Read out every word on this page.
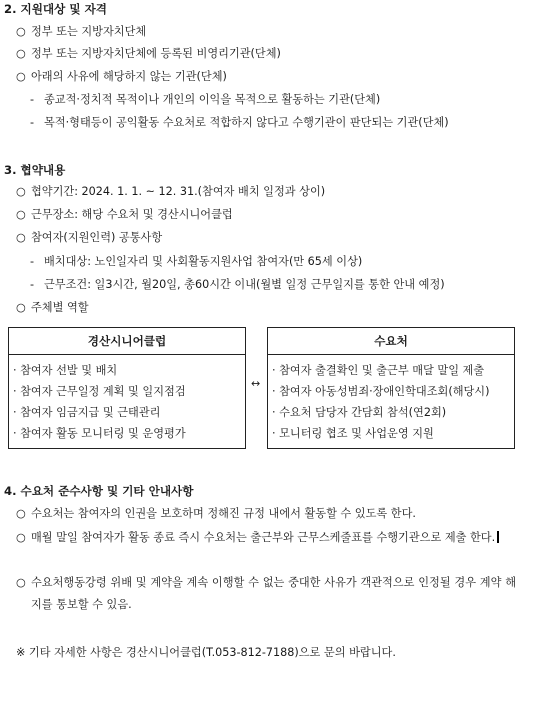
2. 지원대상 및 자격
○ 정부 또는 지방자치단체
○ 정부 또는 지방자치단체에 등록된 비영리기관(단체)
○ 아래의 사유에 해당하지 않는 기관(단체)
- 종교적·정치적 목적이나 개인의 이익을 목적으로 활동하는 기관(단체)
- 목적·형태등이 공익활동 수요처로 적합하지 않다고 수행기관이 판단되는 기관(단체)
3. 협약내용
○ 협약기간: 2024. 1. 1. ~ 12. 31.(참여자 배치 일정과 상이)
○ 근무장소: 해당 수요처 및 경산시니어클럽
○ 참여자(지원인력) 공통사항
- 배치대상: 노인일자리 및 사회활동지원사업 참여자(만 65세 이상)
- 근무조건: 일3시간, 월20일, 총60시간 이내(월별 일정 근무일지를 통한 안내 예정)
○ 주체별 역할
경산시니어클럽
· 참여자 선발 및 배치
· 참여자 근무일정 계획 및 일지점검
· 참여자 임금지급 및 근태관리
· 참여자 활동 모니터링 및 운영평가
↔
수요처
· 참여자 출결확인 및 출근부 매달 말일 제출
· 참여자 아동성범죄·장애인학대조회(해당시)
· 수요처 담당자 간담회 참석(연2회)
· 모니터링 협조 및 사업운영 지원
4. 수요처 준수사항 및 기타 안내사항
○ 수요처는 참여자의 인권을 보호하며 정해진 규정 내에서 활동할 수 있도록 한다.
○ 매월 말일 참여자가 활동 종료 즉시 수요처는 출근부와 근무스케줄표를 수행기관으로 제출 한다.
○ 수요처행동강령 위배 및 계약을 계속 이행할 수 없는 중대한 사유가 객관적으로 인정될 경우 계약 해지를 통보할 수 있음.
※ 기타 자세한 사항은 경산시니어클럽(T.053-812-7188)으로 문의 바랍니다.
